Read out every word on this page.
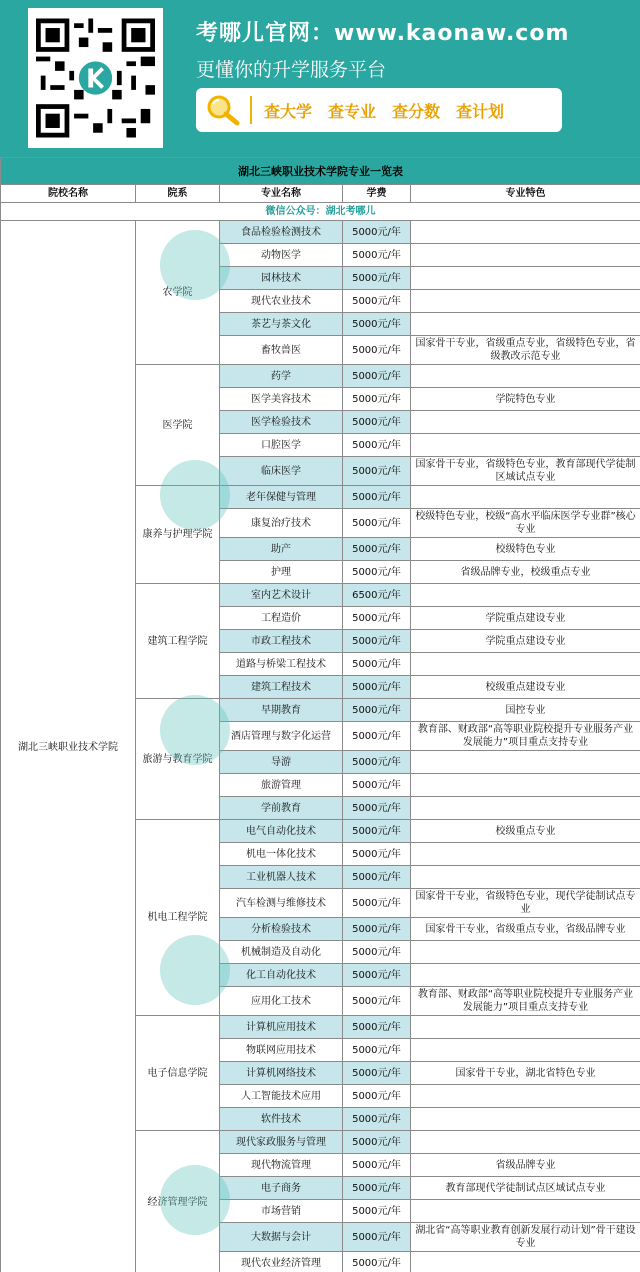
考哪儿官网：www.kaonaw.com
更懂你的升学服务平台
查大学 查专业 查分数 查计划
湖北三峡职业技术学院专业一览表				
院校名称	院系	专业名称	学费	专业特色
微信公众号：湖北考哪儿				
湖北三峡职业技术学院	农学院	食品检验检测技术	5000元/年	
		动物医学	5000元/年	
		园林技术	5000元/年	
		现代农业技术	5000元/年	
		茶艺与茶文化	5000元/年	
		畜牧兽医	5000元/年	国家骨干专业，省级重点专业，省级特色专业，省级教改示范专业
	医学院	药学	5000元/年	
		医学美容技术	5000元/年	学院特色专业
		医学检验技术	5000元/年	
		口腔医学	5000元/年	
		临床医学	5000元/年	国家骨干专业，省级特色专业，教育部现代学徒制区域试点专业
	康养与护理学院	老年保健与管理	5000元/年	
		康复治疗技术	5000元/年	校级特色专业，校级“高水平临床医学专业群”核心专业
		助产	5000元/年	校级特色专业
		护理	5000元/年	省级品牌专业，校级重点专业
	建筑工程学院	室内艺术设计	6500元/年	
		工程造价	5000元/年	学院重点建设专业
		市政工程技术	5000元/年	学院重点建设专业
		道路与桥梁工程技术	5000元/年	
		建筑工程技术	5000元/年	校级重点建设专业
	旅游与教育学院	早期教育	5000元/年	国控专业
		酒店管理与数字化运营	5000元/年	教育部、财政部“高等职业院校提升专业服务产业发展能力”项目重点支持专业
		导游	5000元/年	
		旅游管理	5000元/年	
		学前教育	5000元/年	
	机电工程学院	电气自动化技术	5000元/年	校级重点专业
		机电一体化技术	5000元/年	
		工业机器人技术	5000元/年	
		汽车检测与维修技术	5000元/年	国家骨干专业，省级特色专业，现代学徒制试点专业
		分析检验技术	5000元/年	国家骨干专业，省级重点专业，省级品牌专业
		机械制造及自动化	5000元/年	
		化工自动化技术	5000元/年	
		应用化工技术	5000元/年	教育部、财政部“高等职业院校提升专业服务产业发展能力”项目重点支持专业
	电子信息学院	计算机应用技术	5000元/年	
		物联网应用技术	5000元/年	
		计算机网络技术	5000元/年	国家骨干专业，湖北省特色专业
		人工智能技术应用	5000元/年	
		软件技术	5000元/年	
	经济管理学院	现代家政服务与管理	5000元/年	
		现代物流管理	5000元/年	省级品牌专业
		电子商务	5000元/年	教育部现代学徒制试点区域试点专业
		市场营销	5000元/年	
		大数据与会计	5000元/年	湖北省“高等职业教育创新发展行动计划”骨干建设专业
		现代农业经济管理	5000元/年	
